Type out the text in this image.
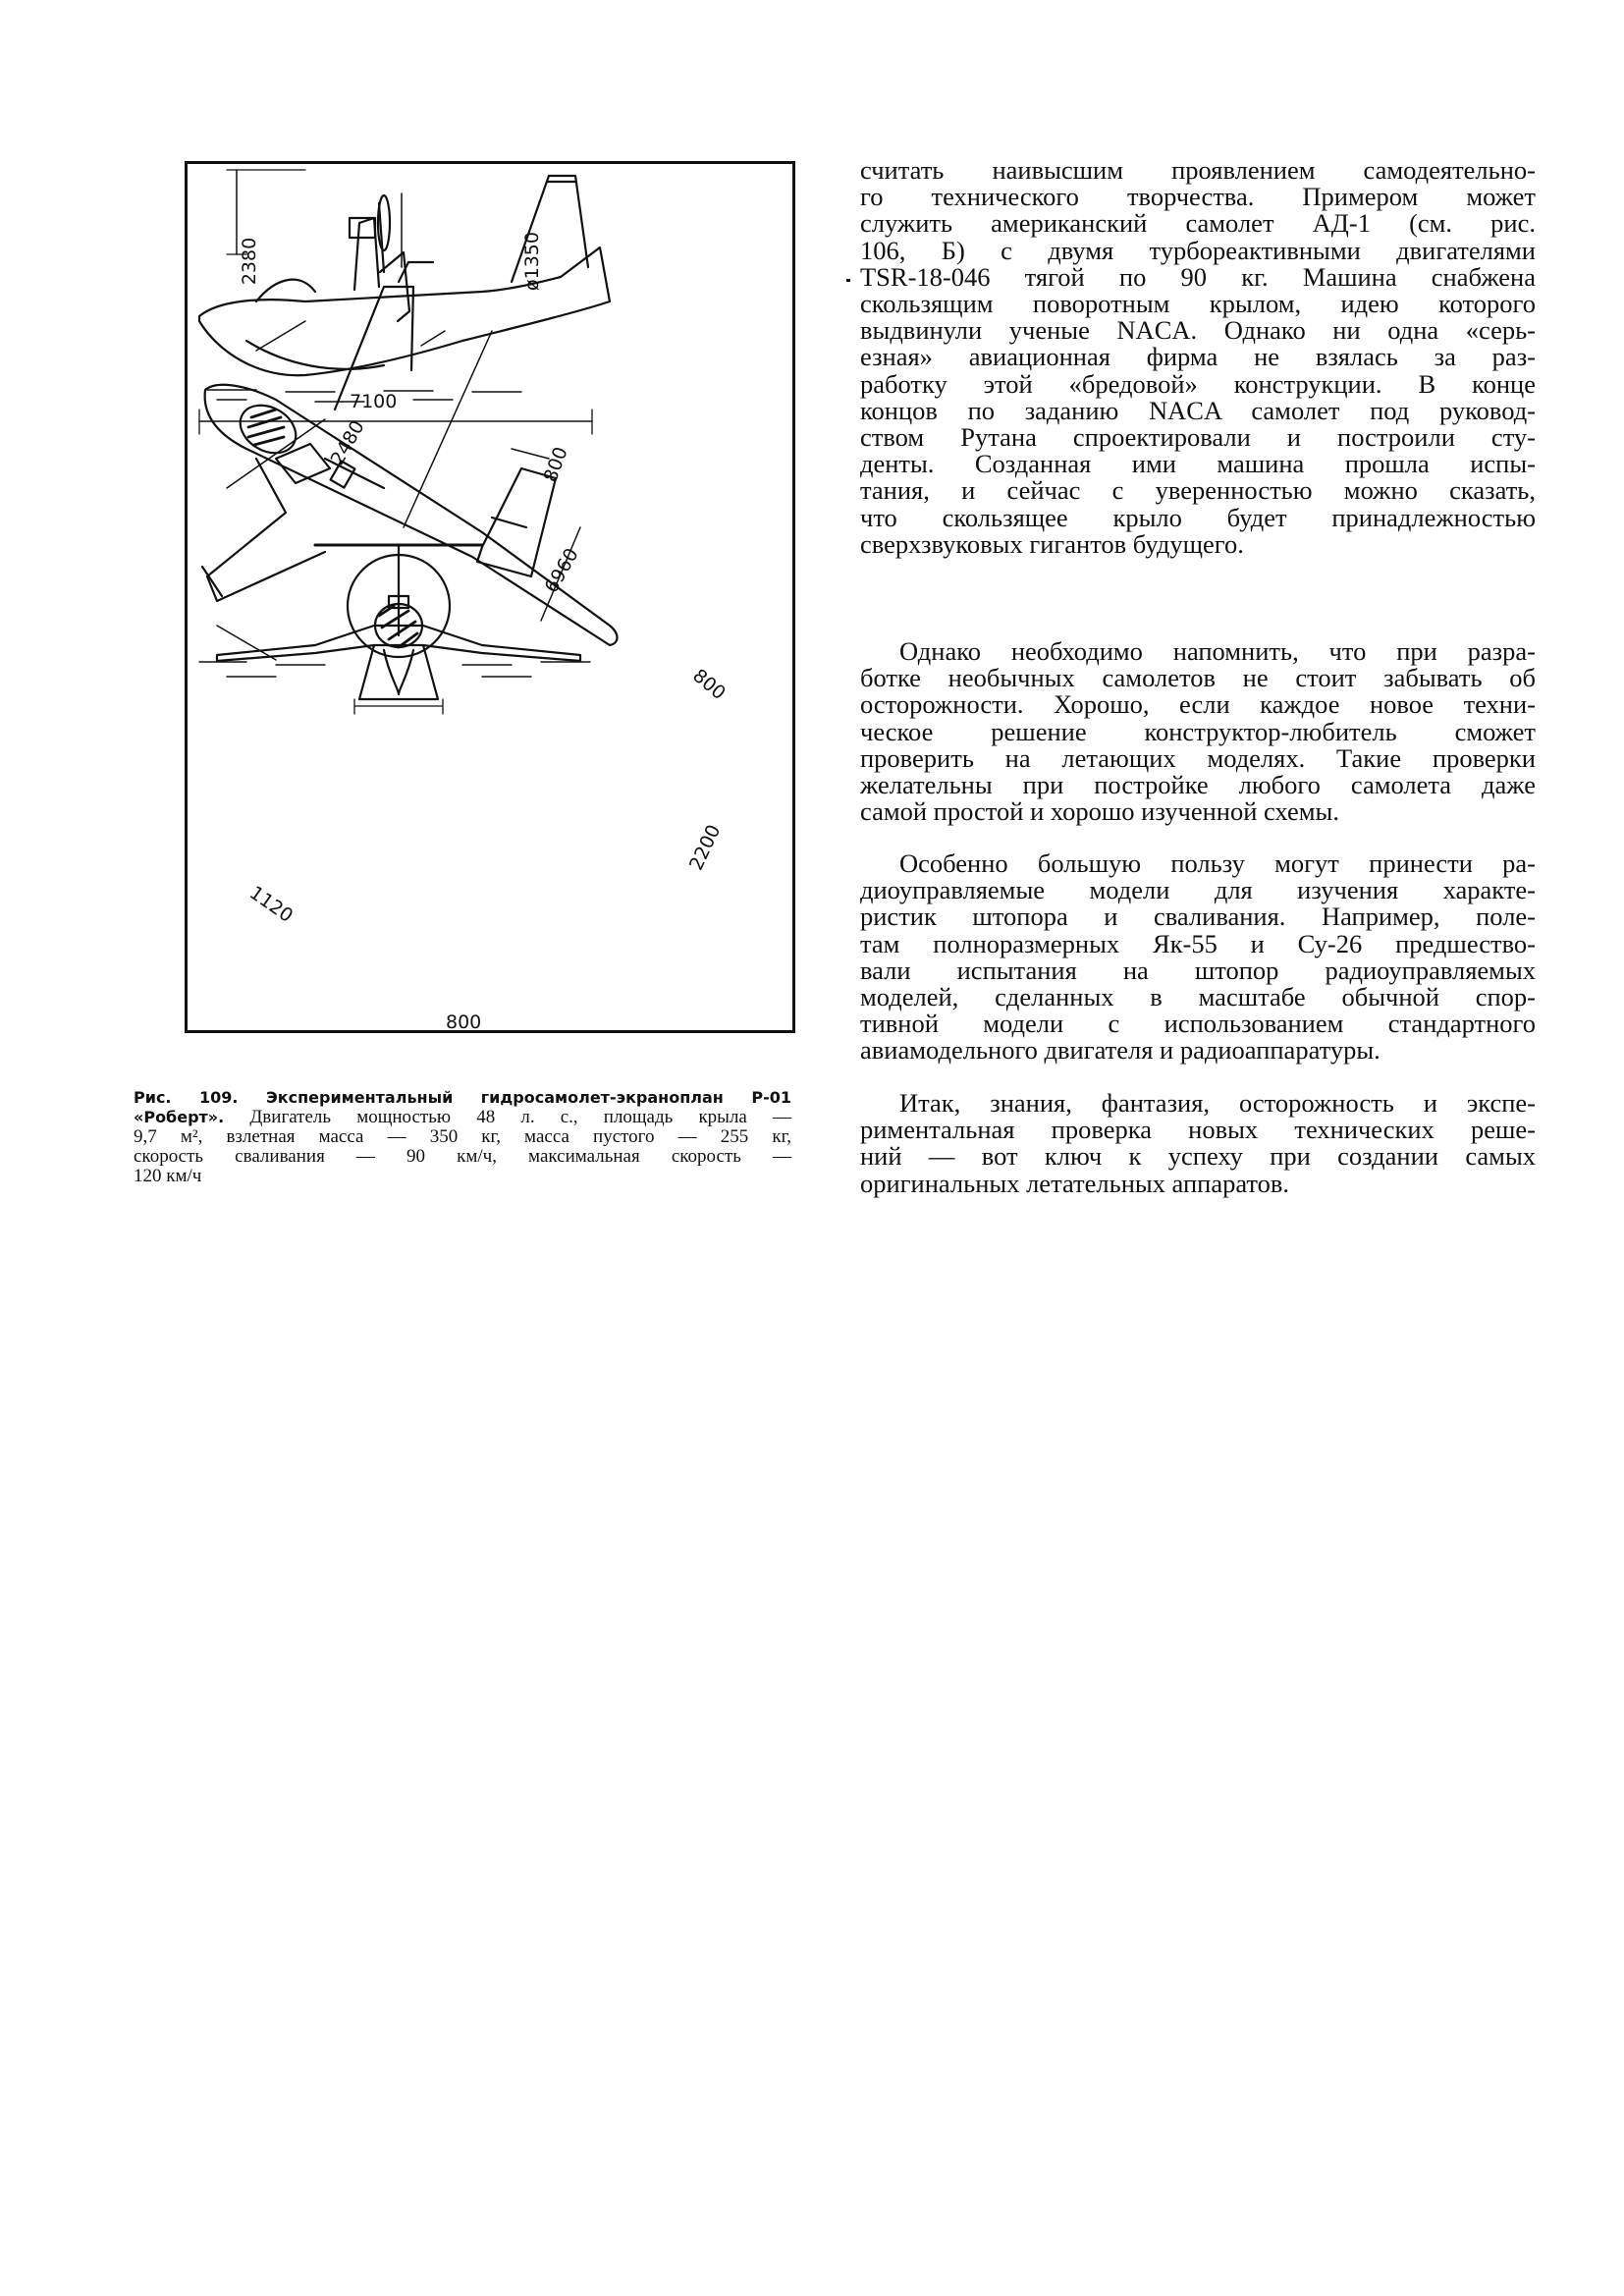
2380	ø1350
7100
2480	800
6960
800
2200
1120
800
Рис. 109. Экспериментальный гидросамолет-экраноплан Р-01
«Роберт». Двигатель мощностью 48 л. с., площадь крыла —
9,7 м², взлетная масса — 350 кг, масса пустого — 255 кг,
скорость сваливания — 90 км/ч, максимальная скорость —
120 км/ч
считать наивысшим проявлением самодеятельно-
го технического творчества. Примером может
служить американский самолет АД-1 (см. рис.
106, Б) с двумя турбореактивными двигателями
TSR-18-046 тягой по 90 кг. Машина снабжена
скользящим поворотным крылом, идею которого
выдвинули ученые NACA. Однако ни одна «серь-
езная» авиационная фирма не взялась за раз-
работку этой «бредовой» конструкции. В конце
концов по заданию NACA самолет под руковод-
ством Рутана спроектировали и построили сту-
денты. Созданная ими машина прошла испы-
тания, и сейчас с уверенностью можно сказать,
что скользящее крыло будет принадлежностью
сверхзвуковых гигантов будущего.
Однако необходимо напомнить, что при разра-
ботке необычных самолетов не стоит забывать об
осторожности. Хорошо, если каждое новое техни-
ческое решение конструктор-любитель сможет
проверить на летающих моделях. Такие проверки
желательны при постройке любого самолета даже
самой простой и хорошо изученной схемы.
Особенно большую пользу могут принести ра-
диоуправляемые модели для изучения характе-
ристик штопора и сваливания. Например, поле-
там полноразмерных Як-55 и Су-26 предшество-
вали испытания на штопор радиоуправляемых
моделей, сделанных в масштабе обычной спор-
тивной модели с использованием стандартного
авиамодельного двигателя и радиоаппаратуры.
Итак, знания, фантазия, осторожность и экспе-
риментальная проверка новых технических реше-
ний — вот ключ к успеху при создании самых
оригинальных летательных аппаратов.
